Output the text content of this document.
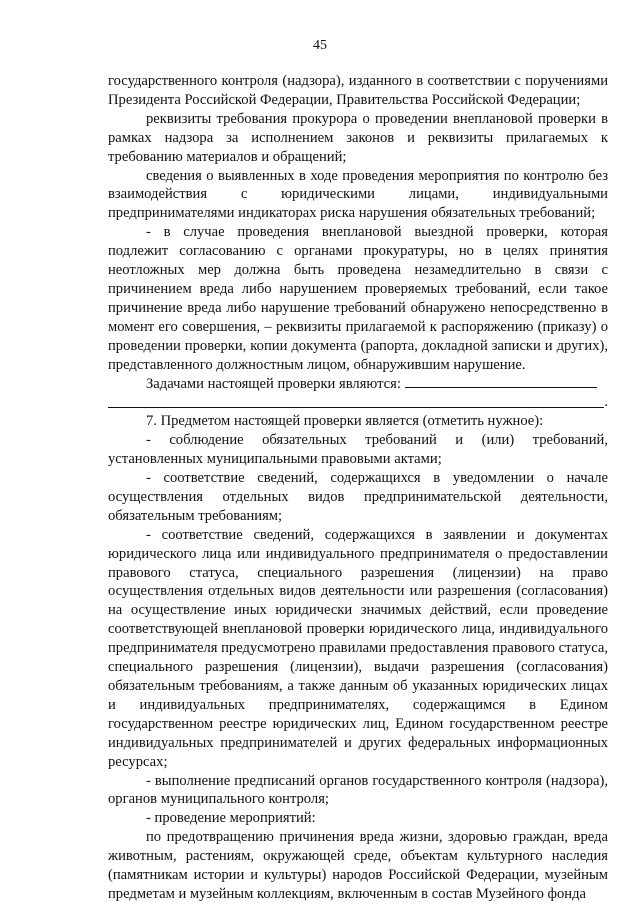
45

государственного контроля (надзора), изданного в соответствии с поручениями Президента Российской Федерации, Правительства Российской Федерации;

реквизиты требования прокурора о проведении внеплановой проверки в рамках надзора за исполнением законов и реквизиты прилагаемых к требованию материалов и обращений;

сведения о выявленных в ходе проведения мероприятия по контролю без взаимодействия с юридическими лицами, индивидуальными предпринимателями индикаторах риска нарушения обязательных требований;

- в случае проведения внеплановой выездной проверки, которая подлежит согласованию с органами прокуратуры, но в целях принятия неотложных мер должна быть проведена незамедлительно в связи с причинением вреда либо нарушением проверяемых требований, если такое причинение вреда либо нарушение требований обнаружено непосредственно в момент его совершения, – реквизиты прилагаемой к распоряжению (приказу) о проведении проверки, копии документа (рапорта, докладной записки и других), представленного должностным лицом, обнаружившим нарушение.

Задачами настоящей проверки являются:

.

7. Предметом настоящей проверки является (отметить нужное):

- соблюдение обязательных требований и (или) требований, установленных муниципальными правовыми актами;

- соответствие сведений, содержащихся в уведомлении о начале осуществления отдельных видов предпринимательской деятельности, обязательным требованиям;

- соответствие сведений, содержащихся в заявлении и документах юридического лица или индивидуального предпринимателя о предоставлении правового статуса, специального разрешения (лицензии) на право осуществления отдельных видов деятельности или разрешения (согласования) на осуществление иных юридически значимых действий, если проведение соответствующей внеплановой проверки юридического лица, индивидуального предпринимателя предусмотрено правилами предоставления правового статуса, специального разрешения (лицензии), выдачи разрешения (согласования) обязательным требованиям, а также данным об указанных юридических лицах и индивидуальных предпринимателях, содержащимся в Едином государственном реестре юридических лиц, Едином государственном реестре индивидуальных предпринимателей и других федеральных информационных ресурсах;

- выполнение предписаний органов государственного контроля (надзора), органов муниципального контроля;

- проведение мероприятий:

по предотвращению причинения вреда жизни, здоровью граждан, вреда животным, растениям, окружающей среде, объектам культурного наследия (памятникам истории и культуры) народов Российской Федерации, музейным предметам и музейным коллекциям, включенным в состав Музейного фонда
